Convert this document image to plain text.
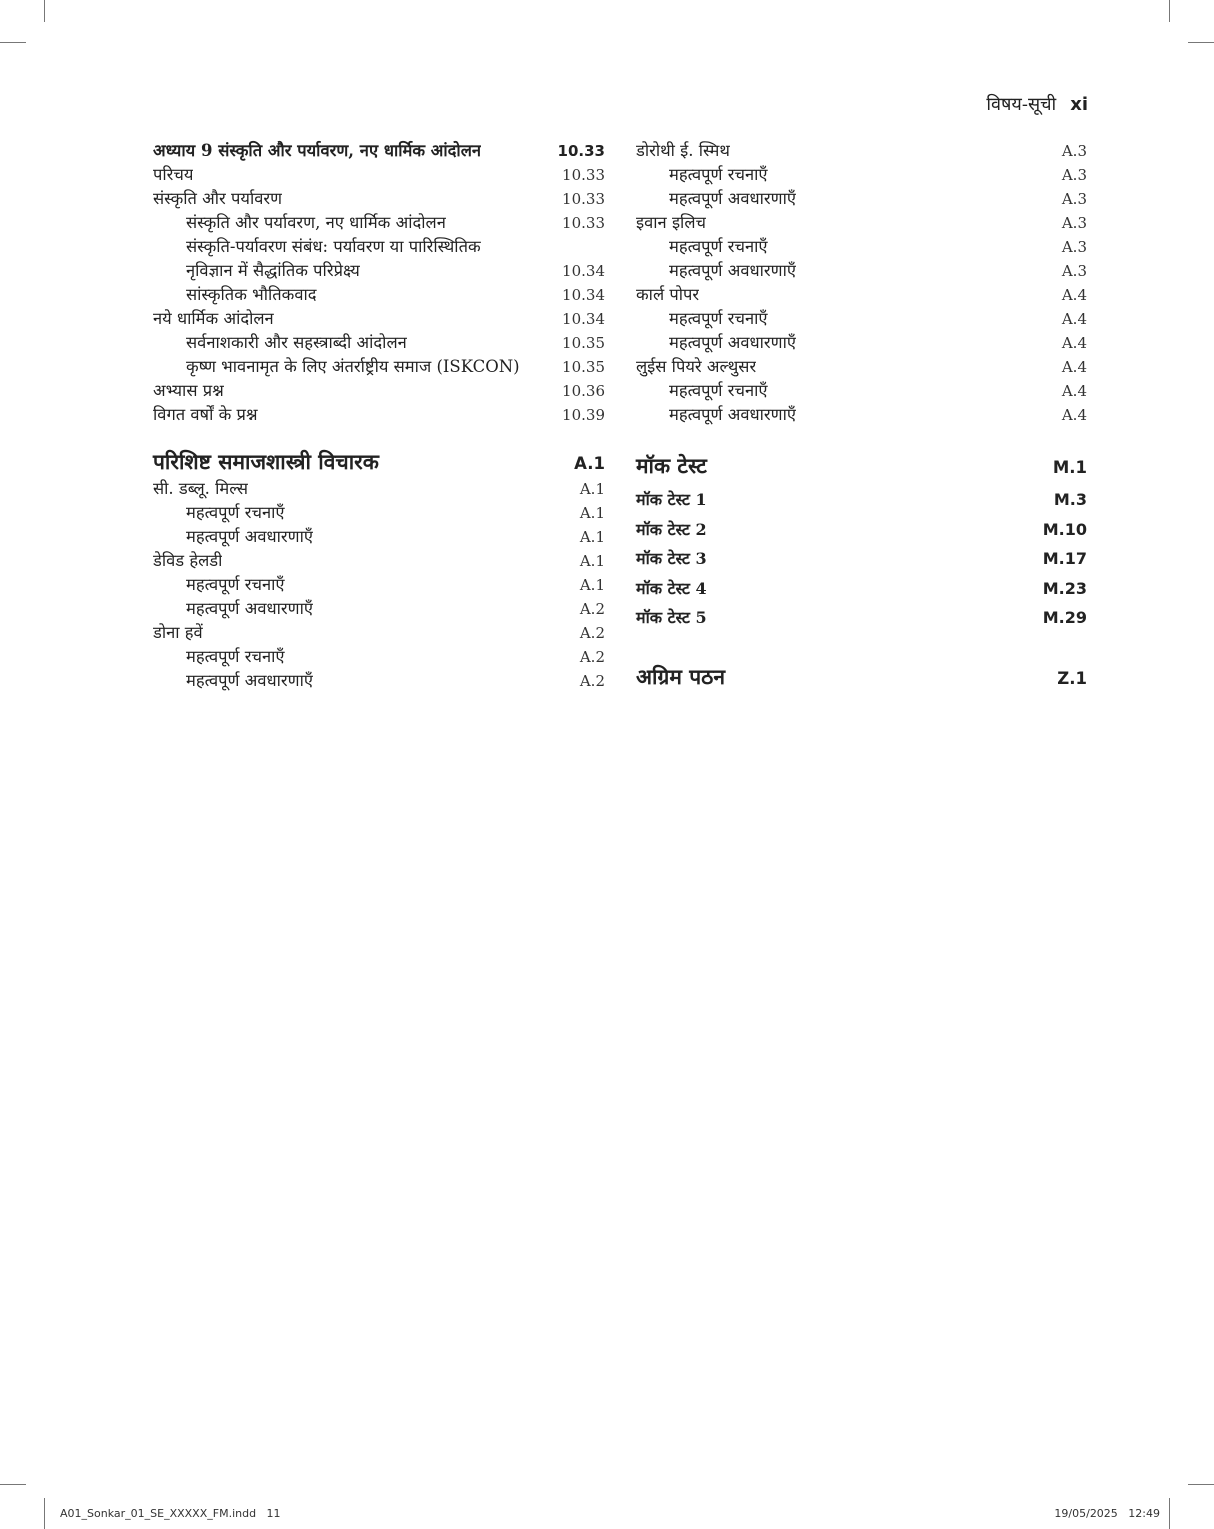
विषय-सूची xi
अध्याय 9 संस्कृति और पर्यावरण, नए धार्मिक आंदोलन	10.33
परिचय	10.33
संस्कृति और पर्यावरण	10.33
संस्कृति और पर्यावरण, नए धार्मिक आंदोलन	10.33
संस्कृति-पर्यावरण संबंध: पर्यावरण या पारिस्थितिक
नृविज्ञान में सैद्धांतिक परिप्रेक्ष्य	10.34
सांस्कृतिक भौतिकवाद	10.34
नये धार्मिक आंदोलन	10.34
सर्वनाशकारी और सहस्त्राब्दी आंदोलन	10.35
कृष्ण भावनामृत के लिए अंतर्राष्ट्रीय समाज (ISKCON)	10.35
अभ्यास प्रश्न	10.36
विगत वर्षों के प्रश्न	10.39
परिशिष्ट समाजशास्त्री विचारक	A.1
सी. डब्लू. मिल्स	A.1
महत्वपूर्ण रचनाएँ	A.1
महत्वपूर्ण अवधारणाएँ	A.1
डेविड हेलडी	A.1
महत्वपूर्ण रचनाएँ	A.1
महत्वपूर्ण अवधारणाएँ	A.2
डोना हवें	A.2
महत्वपूर्ण रचनाएँ	A.2
महत्वपूर्ण अवधारणाएँ	A.2
डोरोथी ई. स्मिथ	A.3
महत्वपूर्ण रचनाएँ	A.3
महत्वपूर्ण अवधारणाएँ	A.3
इवान इलिच	A.3
महत्वपूर्ण रचनाएँ	A.3
महत्वपूर्ण अवधारणाएँ	A.3
कार्ल पोपर	A.4
महत्वपूर्ण रचनाएँ	A.4
महत्वपूर्ण अवधारणाएँ	A.4
लुईस पियरे अल्थुसर	A.4
महत्वपूर्ण रचनाएँ	A.4
महत्वपूर्ण अवधारणाएँ	A.4
मॉक टेस्ट	M.1
मॉक टेस्ट 1	M.3
मॉक टेस्ट 2	M.10
मॉक टेस्ट 3	M.17
मॉक टेस्ट 4	M.23
मॉक टेस्ट 5	M.29
अग्रिम पठन	Z.1
A01_Sonkar_01_SE_XXXXX_FM.indd   11	19/05/2025   12:49
